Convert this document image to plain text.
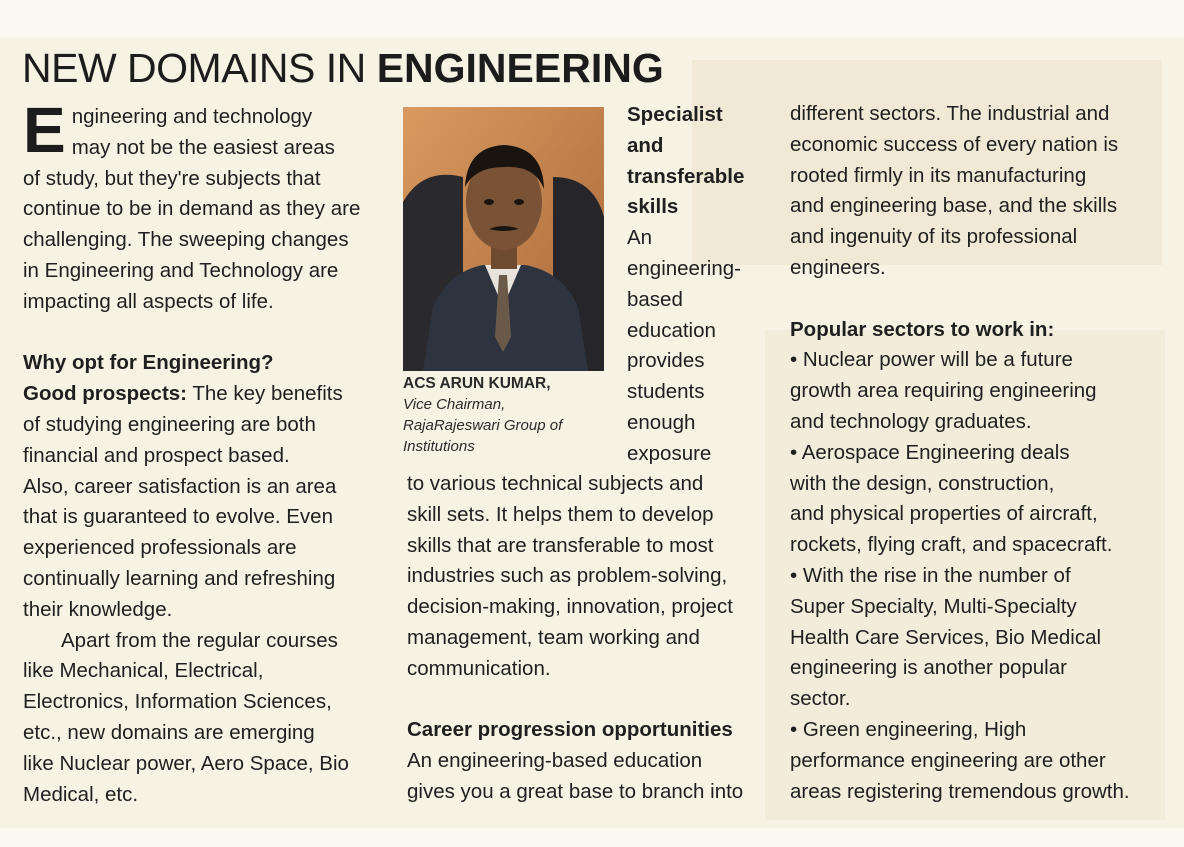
NEW DOMAINS IN ENGINEERING

Engineering and technology
may not be the easiest areas
of study, but they're subjects that
continue to be in demand as they are
challenging. The sweeping changes
in Engineering and Technology are
impacting all aspects of life.

Why opt for Engineering?

Good prospects: The key benefits
of studying engineering are both
financial and prospect based.
Also, career satisfaction is an area
that is guaranteed to evolve. Even
experienced professionals are
continually learning and refreshing
their knowledge.

Apart from the regular courses
like Mechanical, Electrical,
Electronics, Information Sciences,
etc., new domains are emerging
like Nuclear power, Aero Space, Bio
Medical, etc.

ACS ARUN KUMAR,
Vice Chairman,
RajaRajeswari Group of
Institutions

Specialist
and
transferable
skills

An
engineering-
based
education
provides
students
enough
exposure

to various technical subjects and
skill sets. It helps them to develop
skills that are transferable to most
industries such as problem-solving,
decision-making, innovation, project
management, team working and
communication.

Career progression opportunities

An engineering-based education
gives you a great base to branch into

different sectors. The industrial and
economic success of every nation is
rooted firmly in its manufacturing
and engineering base, and the skills
and ingenuity of its professional
engineers.

Popular sectors to work in:

• Nuclear power will be a future
growth area requiring engineering
and technology graduates.
• Aerospace Engineering deals
with the design, construction,
and physical properties of aircraft,
rockets, flying craft, and spacecraft.
• With the rise in the number of
Super Specialty, Multi-Specialty
Health Care Services, Bio Medical
engineering is another popular
sector.
• Green engineering, High
performance engineering are other
areas registering tremendous growth.
